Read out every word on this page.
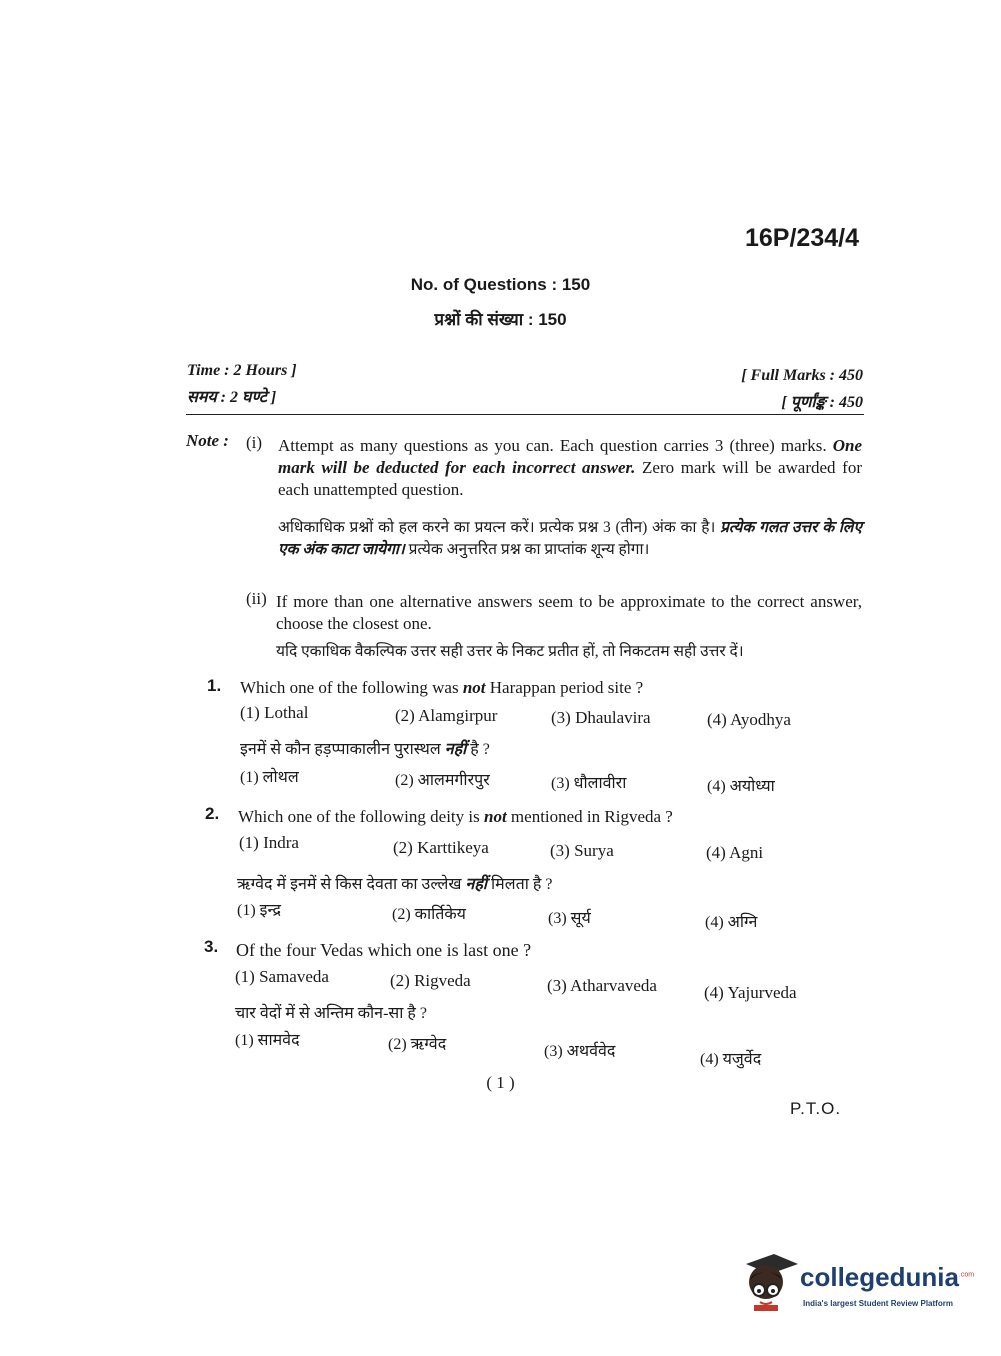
16P/234/4
No. of Questions : 150
प्रश्नों की संख्या : 150
Time : 2 Hours ]
समय : 2 घण्टे ]
[ Full Marks : 450
[ पूर्णांङ्क : 450
Note : (i) Attempt as many questions as you can. Each question carries 3 (three) marks. One mark will be deducted for each incorrect answer. Zero mark will be awarded for each unattempted question.
अधिकाधिक प्रश्नों को हल करने का प्रयत्न करें। प्रत्येक प्रश्न 3 (तीन) अंक का है। प्रत्येक गलत उत्तर के लिए एक अंक काटा जायेगा। प्रत्येक अनुत्तरित प्रश्न का प्राप्तांक शून्य होगा।
(ii) If more than one alternative answers seem to be approximate to the correct answer, choose the closest one.
यदि एकाधिक वैकल्पिक उत्तर सही उत्तर के निकट प्रतीत हों, तो निकटतम सही उत्तर दें।
1. Which one of the following was not Harappan period site ?
(1) Lothal	(2) Alamgirpur	(3) Dhaulavira	(4) Ayodhya
इनमें से कौन हड़प्पाकालीन पुरास्थल नहीं है ?
(1) लोथल	(2) आलमगीरपुर	(3) धौलावीरा	(4) अयोध्या
2. Which one of the following deity is not mentioned in Rigveda ?
(1) Indra	(2) Karttikeya	(3) Surya	(4) Agni
ऋग्वेद में इनमें से किस देवता का उल्लेख नहीं मिलता है ?
(1) इन्द्र	(2) कार्तिकेय	(3) सूर्य	(4) अग्नि
3. Of the four Vedas which one is last one ?
(1) Samaveda	(2) Rigveda	(3) Atharvaveda	(4) Yajurveda
चार वेदों में से अन्तिम कौन-सा है ?
(1) सामवेद	(2) ऋग्वेद	(3) अथर्ववेद	(4) यजुर्वेद
( 1 )
P.T.O.
collegedunia$^{.com}$
India's largest Student Review Platform
